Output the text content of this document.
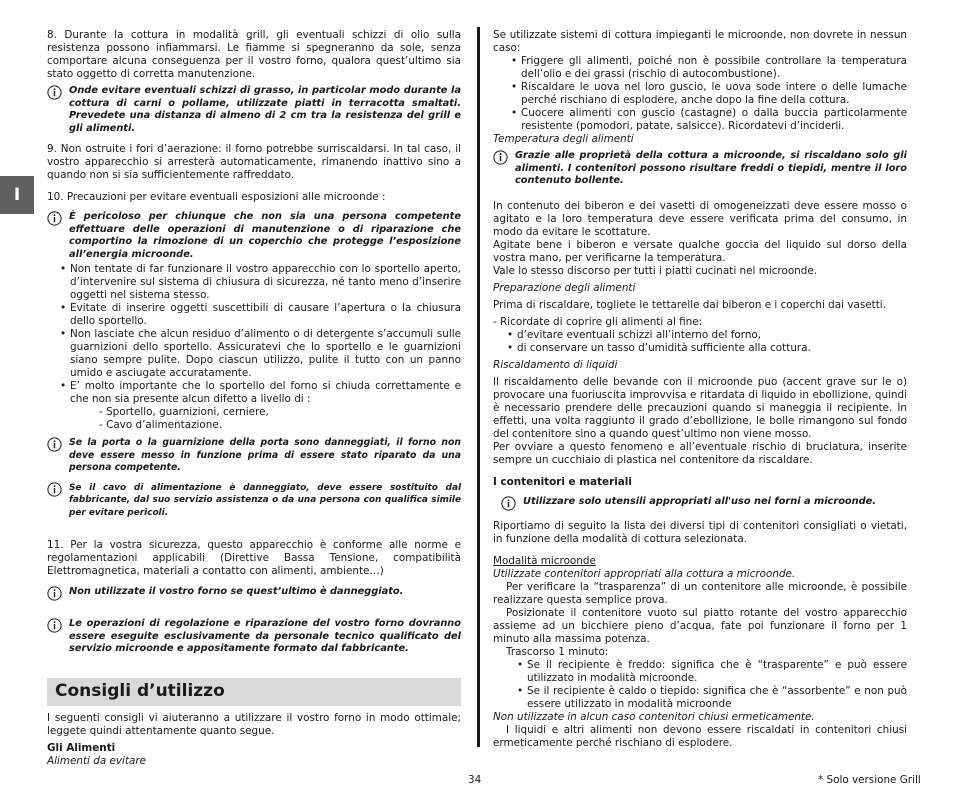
I

8. Durante la cottura in modalità grill, gli eventuali schizzi di olio sulla resistenza possono infiammarsi. Le fiamme si spegneranno da sole, senza comportare alcuna conseguenza per il vostro forno, qualora quest’ultimo sia stato oggetto di corretta manutenzione.

Onde evitare eventuali schizzi di grasso, in particolar modo durante la cottura di carni o pollame, utilizzate piatti in terracotta smaltati. Prevedete una distanza di almeno di 2 cm tra la resistenza del grill e gli alimenti.

9. Non ostruite i fori d’aerazione: il forno potrebbe surriscaldarsi. In tal caso, il vostro apparecchio si arresterà automaticamente, rimanendo inattivo sino a quando non si sia sufficientemente raffreddato.

10. Precauzioni per evitare eventuali esposizioni alle microonde :

È pericoloso per chiunque che non sia una persona competente effettuare delle operazioni di manutenzione o di riparazione che comportino la rimozione di un coperchio che protegge l’esposizione all’energia microonde.
• Non tentate di far funzionare il vostro apparecchio con lo sportello aperto, d’intervenire sul sistema di chiusura di sicurezza, né tanto meno d’inserire oggetti nel sistema stesso.
• Evitate di inserire oggetti suscettibili di causare l’apertura o la chiusura dello sportello.
• Non lasciate che alcun residuo d’alimento o di detergente s’accumuli sulle guarnizioni dello sportello. Assicuratevi che lo sportello e le guarnizioni siano sempre pulite. Dopo ciascun utilizzo, pulite il tutto con un panno umido e asciugate accuratamente.
• E’ molto importante che lo sportello del forno si chiuda correttamente e che non sia presente alcun difetto a livello di :
- Sportello, guarnizioni, cerniere,
- Cavo d’alimentazione.
Se la porta o la guarnizione della porta sono danneggiati, il forno non deve essere messo in funzione prima di essere stato riparato da una persona competente.
Se il cavo di alimentazione è danneggiato, deve essere sostituito dal fabbricante, dal suo servizio assistenza o da una persona con qualifica simile per evitare pericoli.

11. Per la vostra sicurezza, questo apparecchio è conforme alle norme e regolamentazioni applicabili (Direttive Bassa Tensione, compatibilità Elettromagnetica, materiali a contatto con alimenti, ambiente…)

Non utilizzate il vostro forno se quest’ultimo è danneggiato.
Le operazioni di regolazione e riparazione del vostro forno dovranno essere eseguite esclusivamente da personale tecnico qualificato del servizio microonde e appositamente formato dal fabbricante.
Consigli d’utilizzo

I seguenti consigli vi aiuteranno a utilizzare il vostro forno in modo ottimale; leggete quindi attentamente quanto segue.

Gli Alimenti

Alimenti da evitare

Se utilizzate sistemi di cottura impieganti le microonde, non dovrete in nessun caso:

• Friggere gli alimenti, poiché non è possibile controllare la temperatura dell’olio e dei grassi (rischio di autocombustione).
• Riscaldare le uova nel loro guscio, le uova sode intere o delle lumache perché rischiano di esplodere, anche dopo la fine della cottura.
• Cuocere alimenti con guscio (castagne) o dalla buccia particolarmente resistente (pomodori, patate, salsicce). Ricordatevi d’inciderli.

Temperatura degli alimenti

Grazie alle proprietà della cottura a microonde, si riscaldano solo gli alimenti. I contenitori possono risultare freddi o tiepidi, mentre il loro contenuto bollente.

In contenuto dei biberon e dei vasetti di omogeneizzati deve essere mosso o agitato e la loro temperatura deve essere verificata prima del consumo, in modo da evitare le scottature.

Agitate bene i biberon e versate qualche goccia del liquido sul dorso della vostra mano, per verificarne la temperatura.

Vale lo stesso discorso per tutti i piatti cucinati nel microonde.

Preparazione degli alimenti

Prima di riscaldare, togliete le tettarelle dai biberon e i coperchi dai vasetti.

- Ricordate di coprire gli alimenti al fine:

• d’evitare eventuali schizzi all’interno del forno,
• di conservare un tasso d’umidità sufficiente alla cottura.

Riscaldamento di liquidi

Il riscaldamento delle bevande con il microonde puo (accent grave sur le o) provocare una fuoriuscita improvvisa e ritardata di liquido in ebollizione, quindi è necessario prendere delle precauzioni quando si maneggia il recipiente. In effetti, una volta raggiunto il grado d’ebollizione, le bolle rimangono sul fondo del contenitore sino a quando quest’ultimo non viene mosso.

Per ovviare a questo fenomeno e all’eventuale rischio di bruciatura, inserite sempre un cucchiaio di plastica nel contenitore da riscaldare.

I contenitori e materiali

Utilizzare solo utensili appropriati all'uso nei forni a microonde.

Riportiamo di seguito la lista dei diversi tipi di contenitori consigliati o vietati, in funzione della modalità di cottura selezionata.

Modalità microonde

Utilizzate contenitori appropriati alla cottura a microonde.

Per verificare la “trasparenza” di un contenitore alle microonde, è possibile realizzare questa semplice prova.

Posizionate il contenitore vuoto sul piatto rotante del vostro apparecchio assieme ad un bicchiere pieno d’acqua, fate poi funzionare il forno per 1 minuto alla massima potenza.

Trascorso 1 minuto:

• Se il recipiente è freddo: significa che è “trasparente” e può essere utilizzato in modalità microonde.
• Se il recipiente è caldo o tiepido: significa che è “assorbente” e non può essere utilizzato in modalità microonde

Non utilizzate in alcun caso contenitori chiusi ermeticamente.

I liquidi e altri alimenti non devono essere riscaldati in contenitori chiusi ermeticamente perché rischiano di esplodere.

34	* Solo versione Grill
